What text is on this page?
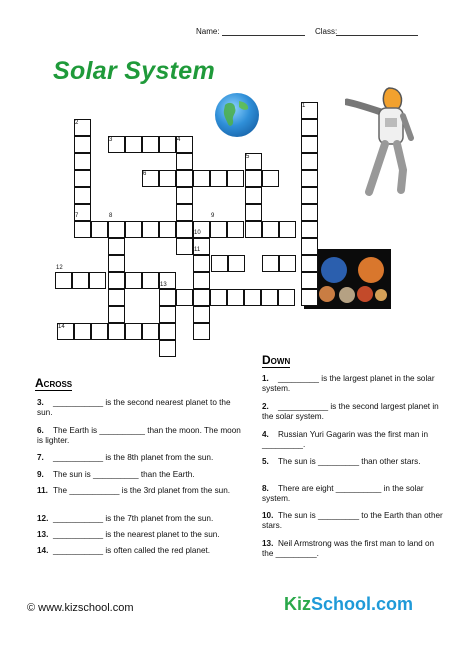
Name:	Class:
Solar System
1
2
3	4
5
6
7	8	9
10
11
12
13
14
Across
3. ___________ is the second nearest planet to the sun.
6. The Earth is __________ than the moon. The moon is lighter.
7. ___________ is the 8th planet from the sun.
9. The sun is __________ than the Earth.
11. The ___________ is the 3rd planet from the sun.
12. ___________ is the 7th planet from the sun.
13. ___________ is the nearest planet to the sun.
14. ___________ is often called the red planet.
Down
1. _________ is the largest planet in the solar system.
2. ___________ is the second largest planet in the solar system.
4. Russian Yuri Gagarin was the first man in _________.
5. The sun is _________ than other stars.
8. There are eight __________ in the solar system.
10. The sun is _________ to the Earth than other stars.
13. Neil Armstrong was the first man to land on the _________.
© www.kizschool.com	KizSchool.com
